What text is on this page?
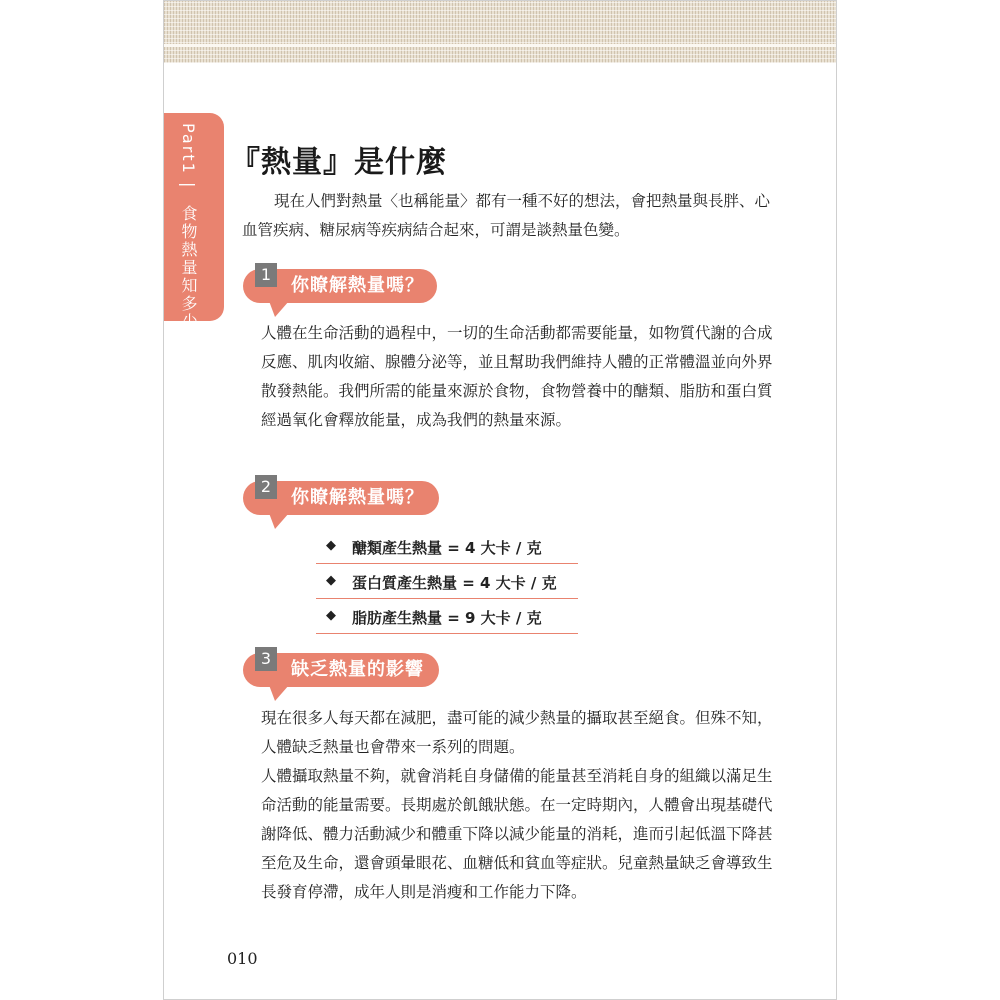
Part1 | 食物熱量知多少
『熱量』是什麼

現在人們對熱量〈也稱能量〉都有一種不好的想法，會把熱量與長胖、心血管疾病、糖尿病等疾病結合起來，可謂是談熱量色變。

1
你瞭解熱量嗎？

人體在生命活動的過程中，一切的生命活動都需要能量，如物質代謝的合成反應、肌肉收縮、腺體分泌等，並且幫助我們維持人體的正常體溫並向外界散發熱能。我們所需的能量來源於食物，食物營養中的醣類、脂肪和蛋白質經過氧化會釋放能量，成為我們的熱量來源。

2
你瞭解熱量嗎？
◆ 醣類產生熱量 = 4 大卡 / 克
◆ 蛋白質產生熱量 = 4 大卡 / 克
◆ 脂肪產生熱量 = 9 大卡 / 克
3
缺乏熱量的影響
現在很多人每天都在減肥，盡可能的減少熱量的攝取甚至絕食。但殊不知，人體缺乏熱量也會帶來一系列的問題。
人體攝取熱量不夠，就會消耗自身儲備的能量甚至消耗自身的組織以滿足生命活動的能量需要。長期處於飢餓狀態。在一定時期內，人體會出現基礎代謝降低、體力活動減少和體重下降以減少能量的消耗，進而引起低溫下降甚至危及生命，還會頭暈眼花、血糖低和貧血等症狀。兒童熱量缺乏會導致生長發育停滯，成年人則是消瘦和工作能力下降。
010
